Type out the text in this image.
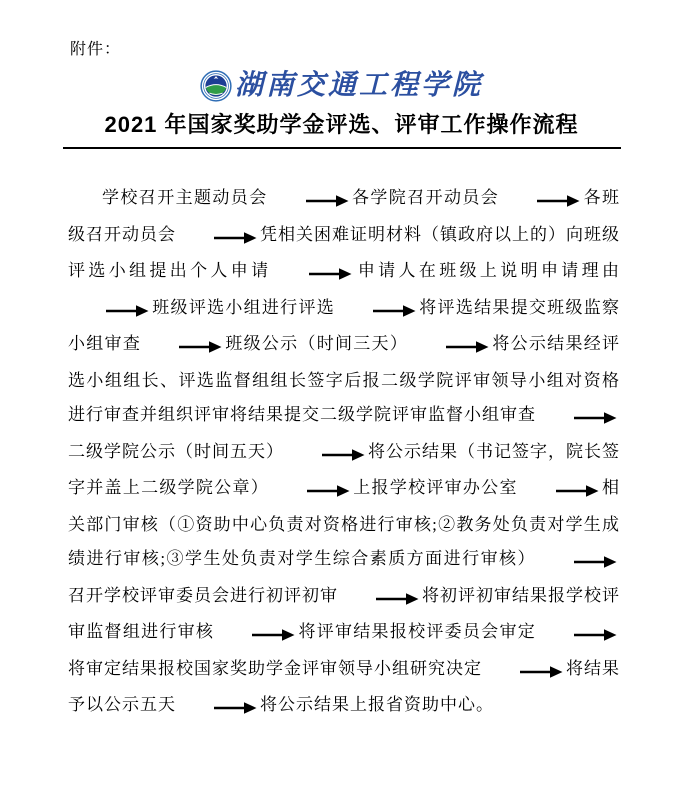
附件：
湖南交通工程学院
2021 年国家奖助学金评选、评审工作操作流程

学校召开主题动员会	各学院召开动员会	各班级召开动员会	凭相关困难证明材料（镇政府以上的）向班级评选小组提出个人申请	申请人在班级上说明申请理由班级评选小组进行评选	将评选结果提交班级监察小组审查	班级公示（时间三天）	将公示结果经评选小组组长、评选监督组组长签字后报二级学院评审领导小组对资格进行审查并组织评审将结果提交二级学院评审监督小组审查二级学院公示（时间五天）	将公示结果（书记签字，院长签字并盖上二级学院公章）	上报学校评审办公室	相关部门审核（①资助中心负责对资格进行审核;②教务处负责对学生成绩进行审核;③学生处负责对学生综合素质方面进行审核）召开学校评审委员会进行初评初审	将初评初审结果报学校评审监督组进行审核	将评审结果报校评委员会审定将审定结果报校国家奖助学金评审领导小组研究决定	将结果予以公示五天	将公示结果上报省资助中心。
